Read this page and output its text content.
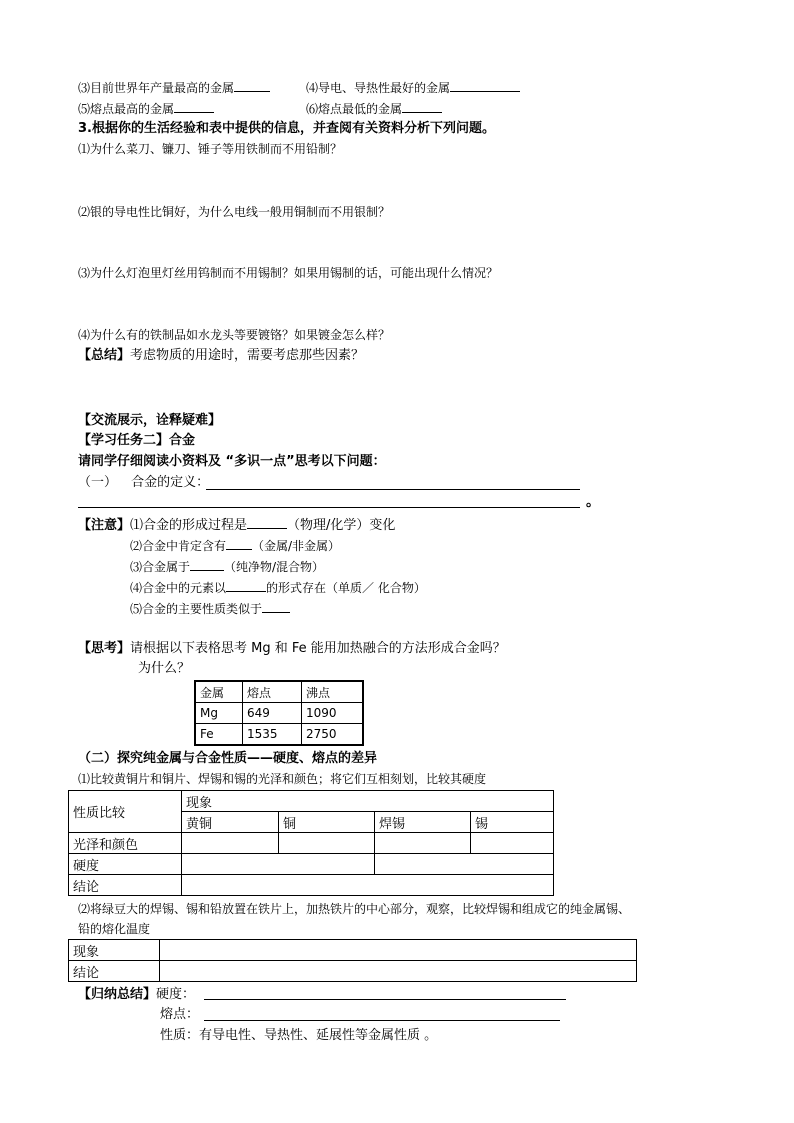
⑶目前世界年产量最高的金属	⑷导电、导热性最好的金属
⑸熔点最高的金属	⑹熔点最低的金属
3.根据你的生活经验和表中提供的信息，并查阅有关资料分析下列问题。
⑴为什么菜刀、镰刀、锤子等用铁制而不用铅制？
⑵银的导电性比铜好，为什么电线一般用铜制而不用银制？
⑶为什么灯泡里灯丝用钨制而不用锡制？如果用锡制的话，可能出现什么情况？
⑷为什么有的铁制品如水龙头等要镀铬？如果镀金怎么样？
【总结】考虑物质的用途时，需要考虑那些因素？
【交流展示，诠释疑难】
【学习任务二】合金
请同学仔细阅读小资料及 “多识一点”思考以下问题：
（一） 合金的定义：
。
【注意】⑴合金的形成过程是	（物理/化学）变化
⑵合金中肯定含有 （金属/非金属）
⑶合金属于	（纯净物/混合物）
⑷合金中的元素以	的形式存在（单质／ 化合物）
⑸合金的主要性质类似于
【思考】请根据以下表格思考 Mg 和 Fe 能用加热融合的方法形成合金吗？
为什么？
金属	熔点	沸点
Mg	649	1090
Fe	1535	2750
（二）探究纯金属与合金性质——硬度、熔点的差异
⑴比较黄铜片和铜片、焊锡和锡的光泽和颜色；将它们互相刻划，比较其硬度
性质比较	现象			
	黄铜	铜	焊锡	锡
光泽和颜色				
硬度				
结论				
⑵将绿豆大的焊锡、锡和铅放置在铁片上，加热铁片的中心部分，观察，比较焊锡和组成它的纯金属锡、
铅的熔化温度
现象	
结论	
【归纳总结】硬度：
熔点：
性质：有导电性、导热性、延展性等金属性质 。
